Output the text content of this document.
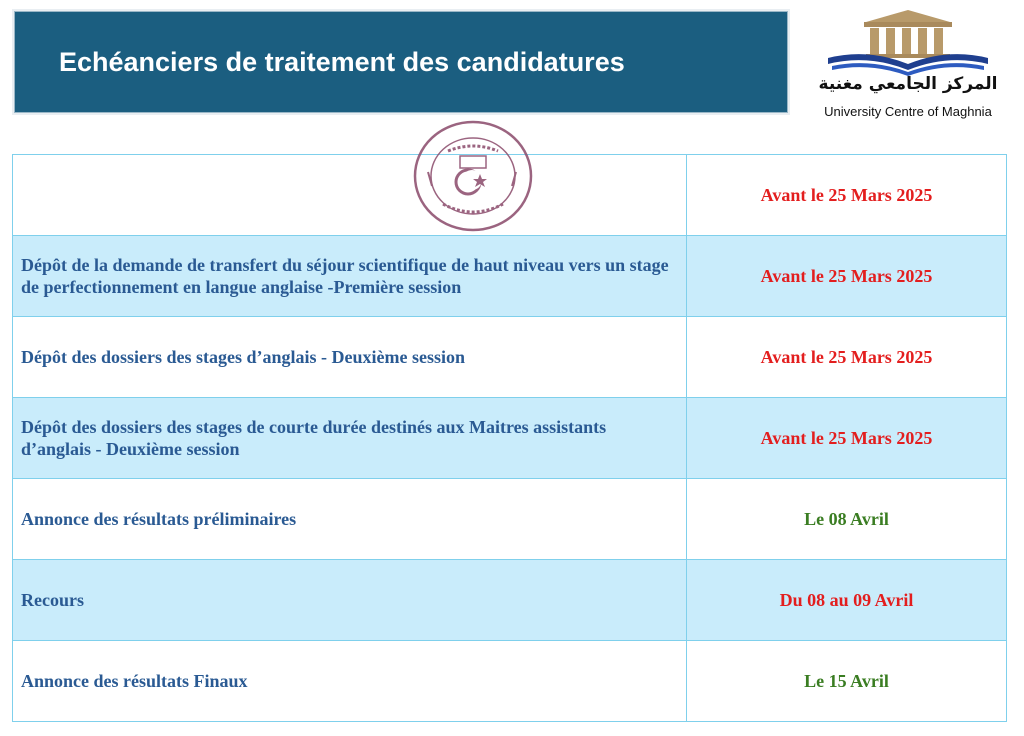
Echéanciers de traitement des candidatures
المركز الجامعي مغنية
University Centre of Maghnia
	Avant le 25 Mars 2025
Dépôt de la demande de transfert du séjour scientifique de haut niveau vers un stage de perfectionnement en langue anglaise -Première session	Avant le 25 Mars 2025
Dépôt des dossiers des stages d’anglais - Deuxième session	Avant le 25 Mars 2025
Dépôt des dossiers des stages de courte durée destinés aux Maitres assistants d’anglais - Deuxième session	Avant le 25 Mars 2025
Annonce des résultats préliminaires	Le 08 Avril
Recours	Du 08 au 09 Avril
Annonce des résultats Finaux	Le 15 Avril
